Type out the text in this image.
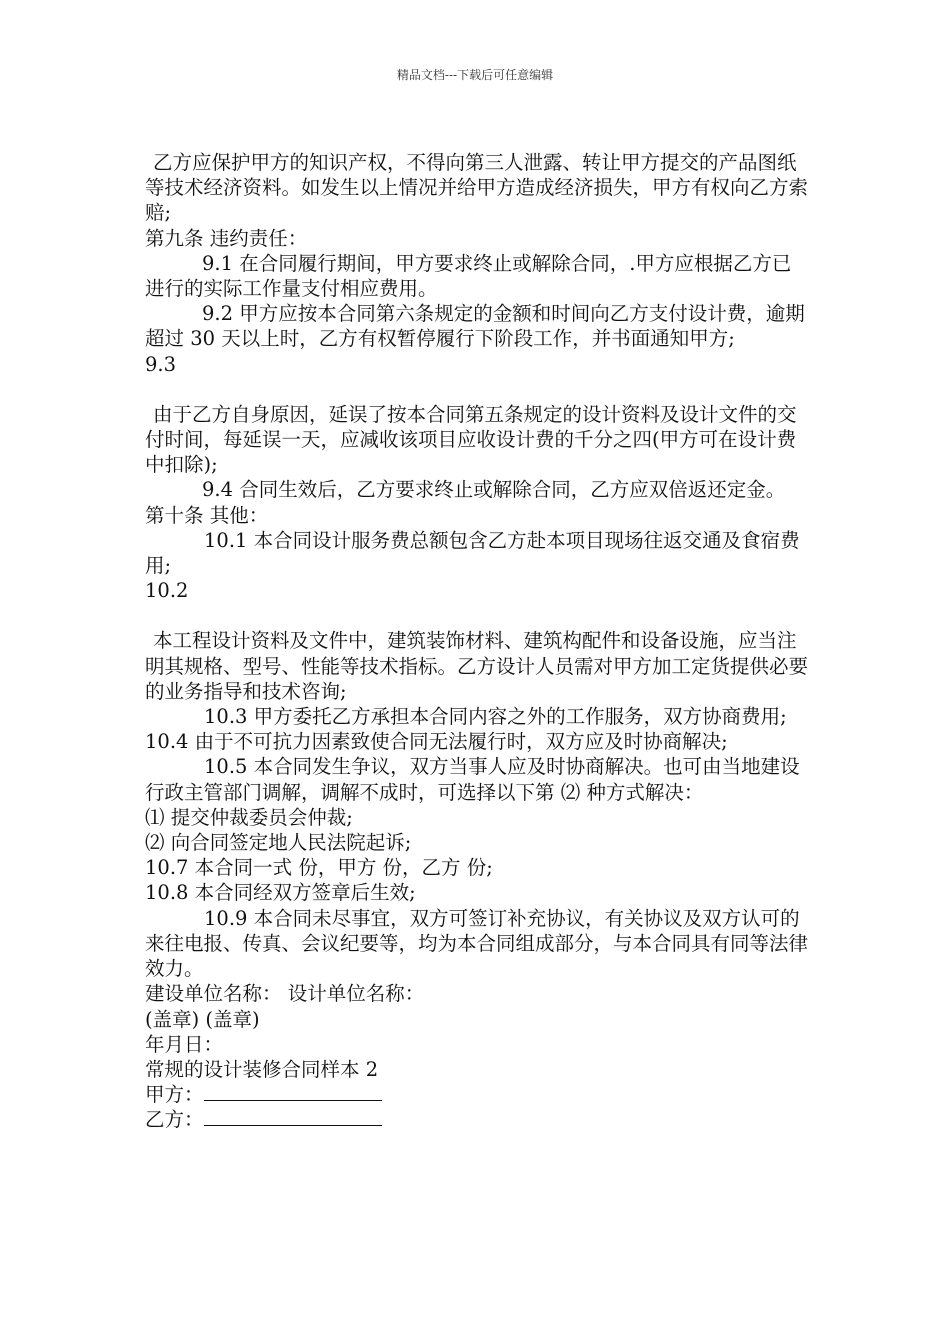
精品文档---下载后可任意编辑

乙方应保护甲方的知识产权，不得向第三人泄露、转让甲方提交的产品图纸等技术经济资料。如发生以上情况并给甲方造成经济损失，甲方有权向乙方索赔;

第九条 违约责任：

9.1 在合同履行期间，甲方要求终止或解除合同，.甲方应根据乙方已进行的实际工作量支付相应费用。

9.2 甲方应按本合同第六条规定的金额和时间向乙方支付设计费，逾期超过 30 天以上时，乙方有权暂停履行下阶段工作，并书面通知甲方;

9.3

由于乙方自身原因，延误了按本合同第五条规定的设计资料及设计文件的交付时间，每延误一天，应减收该项目应收设计费的千分之四(甲方可在设计费中扣除);

9.4 合同生效后，乙方要求终止或解除合同，乙方应双倍返还定金。

第十条 其他：

10.1 本合同设计服务费总额包含乙方赴本项目现场往返交通及食宿费用;

10.2

本工程设计资料及文件中，建筑装饰材料、建筑构配件和设备设施，应当注明其规格、型号、性能等技术指标。乙方设计人员需对甲方加工定货提供必要的业务指导和技术咨询;

10.3 甲方委托乙方承担本合同内容之外的工作服务，双方协商费用; 10.4 由于不可抗力因素致使合同无法履行时，双方应及时协商解决;

10.5 本合同发生争议，双方当事人应及时协商解决。也可由当地建设行政主管部门调解，调解不成时，可选择以下第 ⑵ 种方式解决：

⑴ 提交仲裁委员会仲裁;

⑵ 向合同签定地人民法院起诉;

10.7 本合同一式 份，甲方 份，乙方 份;

10.8 本合同经双方签章后生效;

10.9 本合同未尽事宜，双方可签订补充协议，有关协议及双方认可的来往电报、传真、会议纪要等，均为本合同组成部分，与本合同具有同等法律效力。

建设单位名称： 设计单位名称：

(盖章) (盖章)

年月日：

常规的设计装修合同样本 2

甲方：

乙方：
